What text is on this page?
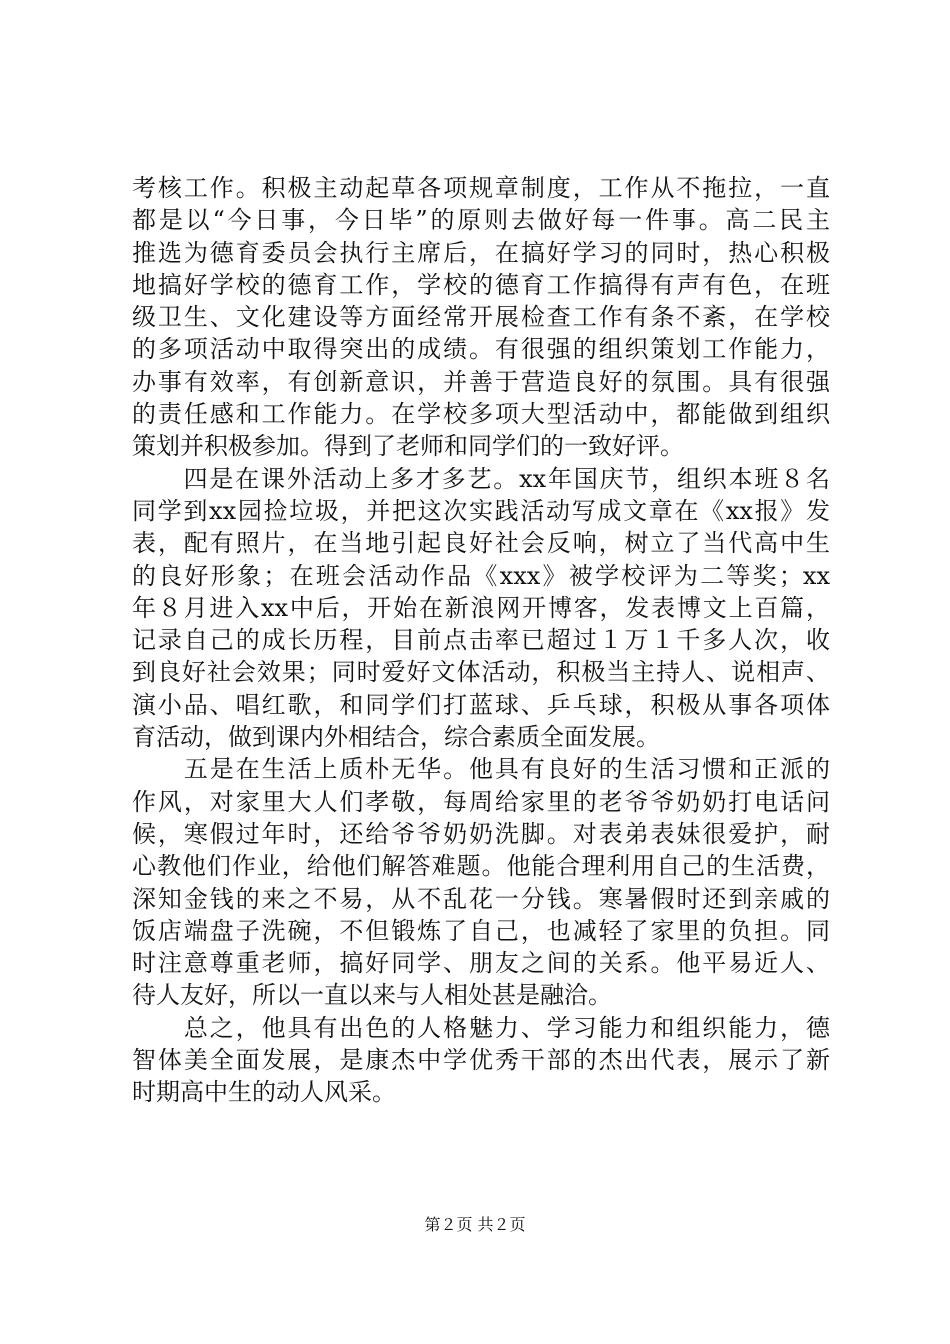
考核工作。积极主动起草各项规章制度，工作从不拖拉，一直
都是以“今日事，今日毕”的原则去做好每一件事。高二民主
推选为德育委员会执行主席后，在搞好学习的同时，热心积极
地搞好学校的德育工作，学校的德育工作搞得有声有色，在班
级卫生、文化建设等方面经常开展检查工作有条不紊，在学校
的多项活动中取得突出的成绩。有很强的组织策划工作能力，
办事有效率，有创新意识，并善于营造良好的氛围。具有很强
的责任感和工作能力。在学校多项大型活动中，都能做到组织
策划并积极参加。得到了老师和同学们的一致好评。
　　四是在课外活动上多才多艺。xx年国庆节，组织本班８名
同学到xx园捡垃圾，并把这次实践活动写成文章在《xx报》发
表，配有照片，在当地引起良好社会反响，树立了当代高中生
的良好形象；在班会活动作品《xxx》被学校评为二等奖；xx
年８月进入xx中后，开始在新浪网开博客，发表博文上百篇，
记录自己的成长历程，目前点击率已超过１万１千多人次，收
到良好社会效果；同时爱好文体活动，积极当主持人、说相声、
演小品、唱红歌，和同学们打蓝球、乒乓球，积极从事各项体
育活动，做到课内外相结合，综合素质全面发展。
　　五是在生活上质朴无华。他具有良好的生活习惯和正派的
作风，对家里大人们孝敬，每周给家里的老爷爷奶奶打电话问
候，寒假过年时，还给爷爷奶奶洗脚。对表弟表妹很爱护，耐
心教他们作业，给他们解答难题。他能合理利用自己的生活费，
深知金钱的来之不易，从不乱花一分钱。寒暑假时还到亲戚的
饭店端盘子洗碗，不但锻炼了自己，也减轻了家里的负担。同
时注意尊重老师，搞好同学、朋友之间的关系。他平易近人、
待人友好，所以一直以来与人相处甚是融洽。
　　总之，他具有出色的人格魅力、学习能力和组织能力，德
智体美全面发展，是康杰中学优秀干部的杰出代表，展示了新
时期高中生的动人风采。
第２页 共２页
